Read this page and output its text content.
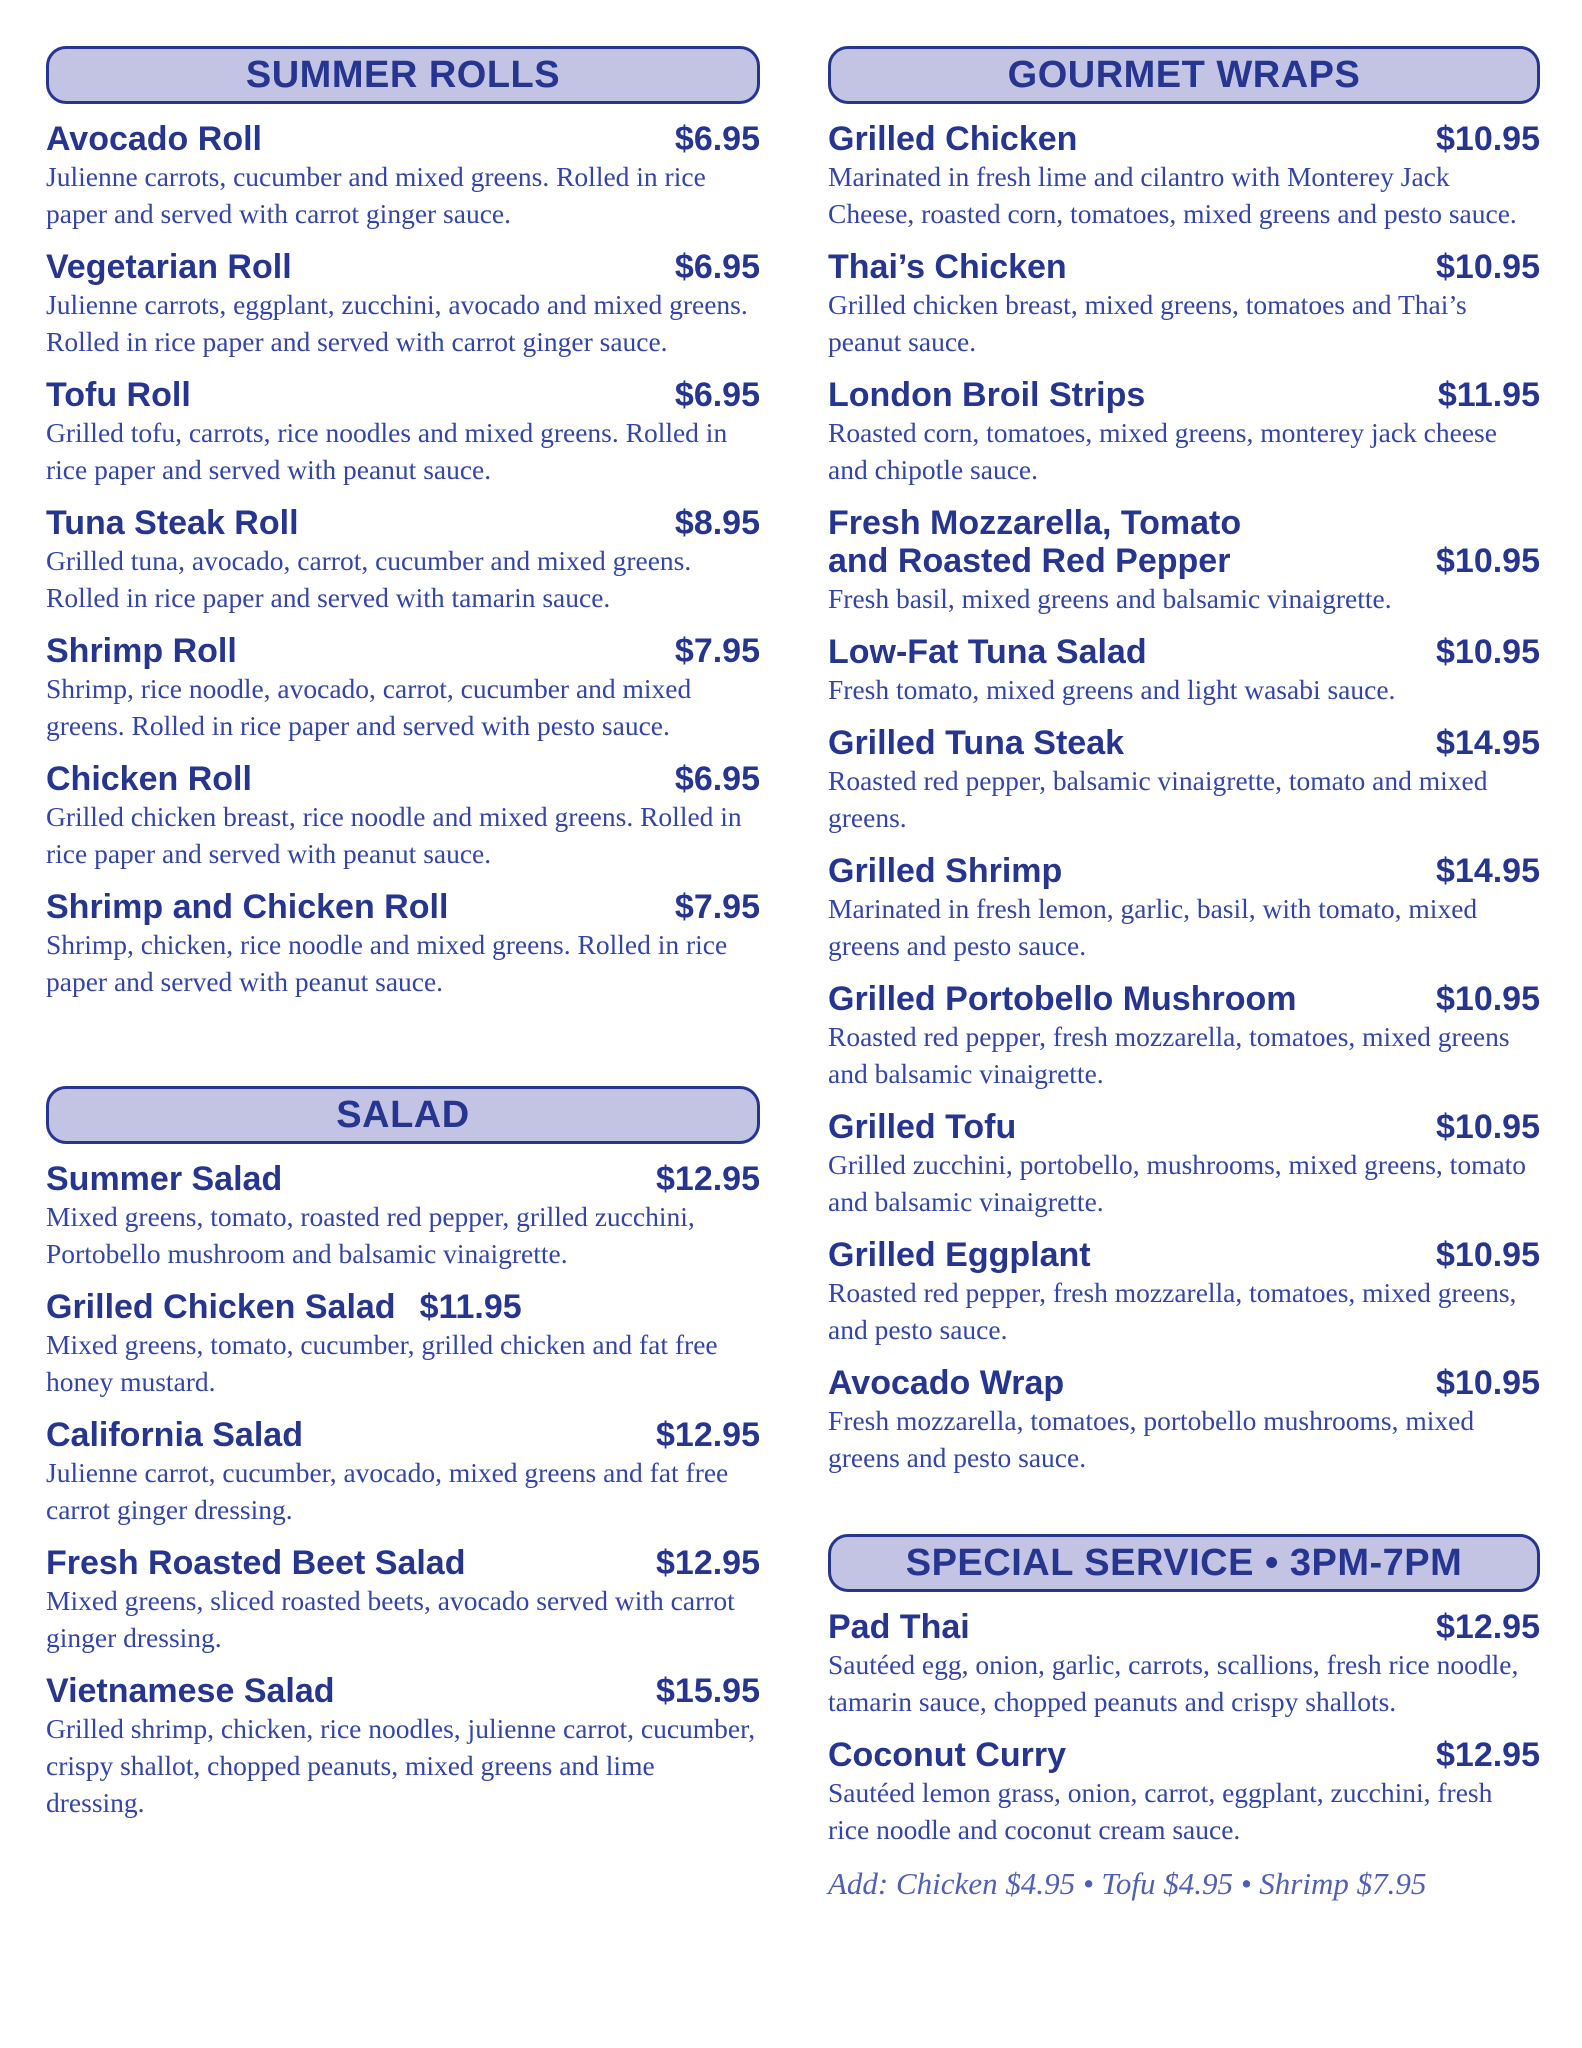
SUMMER ROLLS
Avocado Roll	$6.95
Julienne carrots, cucumber and mixed greens. Rolled in rice paper and served with carrot ginger sauce.
Vegetarian Roll	$6.95
Julienne carrots, eggplant, zucchini, avocado and mixed greens. Rolled in rice paper and served with carrot ginger sauce.
Tofu Roll	$6.95
Grilled tofu, carrots, rice noodles and mixed greens. Rolled in rice paper and served with peanut sauce.
Tuna Steak Roll	$8.95
Grilled tuna, avocado, carrot, cucumber and mixed greens. Rolled in rice paper and served with tamarin sauce.
Shrimp Roll	$7.95
Shrimp, rice noodle, avocado, carrot, cucumber and mixed greens. Rolled in rice paper and served with pesto sauce.
Chicken Roll	$6.95
Grilled chicken breast, rice noodle and mixed greens. Rolled in rice paper and served with peanut sauce.
Shrimp and Chicken Roll	$7.95
Shrimp, chicken, rice noodle and mixed greens. Rolled in rice paper and served with peanut sauce.
SALAD
Summer Salad	$12.95
Mixed greens, tomato, roasted red pepper, grilled zucchini, Portobello mushroom and balsamic vinaigrette.
Grilled Chicken Salad $11.95
Mixed greens, tomato, cucumber, grilled chicken and fat free honey mustard.
California Salad	$12.95
Julienne carrot, cucumber, avocado, mixed greens and fat free carrot ginger dressing.
Fresh Roasted Beet Salad	$12.95
Mixed greens, sliced roasted beets, avocado served with carrot ginger dressing.
Vietnamese Salad	$15.95
Grilled shrimp, chicken, rice noodles, julienne carrot, cucumber, crispy shallot, chopped peanuts, mixed greens and lime dressing.
GOURMET WRAPS
Grilled Chicken	$10.95
Marinated in fresh lime and cilantro with Monterey Jack Cheese, roasted corn, tomatoes, mixed greens and pesto sauce.
Thai’s Chicken	$10.95
Grilled chicken breast, mixed greens, tomatoes and Thai’s peanut sauce.
London Broil Strips	$11.95
Roasted corn, tomatoes, mixed greens, monterey jack cheese and chipotle sauce.
Fresh Mozzarella, Tomato and Roasted Red Pepper	$10.95
Fresh basil, mixed greens and balsamic vinaigrette.
Low-Fat Tuna Salad	$10.95
Fresh tomato, mixed greens and light wasabi sauce.
Grilled Tuna Steak	$14.95
Roasted red pepper, balsamic vinaigrette, tomato and mixed greens.
Grilled Shrimp	$14.95
Marinated in fresh lemon, garlic, basil, with tomato, mixed greens and pesto sauce.
Grilled Portobello Mushroom	$10.95
Roasted red pepper, fresh mozzarella, tomatoes, mixed greens and balsamic vinaigrette.
Grilled Tofu	$10.95
Grilled zucchini, portobello, mushrooms, mixed greens, tomato and balsamic vinaigrette.
Grilled Eggplant	$10.95
Roasted red pepper, fresh mozzarella, tomatoes, mixed greens, and pesto sauce.
Avocado Wrap	$10.95
Fresh mozzarella, tomatoes, portobello mushrooms, mixed greens and pesto sauce.
SPECIAL SERVICE • 3PM-7PM
Pad Thai	$12.95
Sautéed egg, onion, garlic, carrots, scallions, fresh rice noodle, tamarin sauce, chopped peanuts and crispy shallots.
Coconut Curry	$12.95
Sautéed lemon grass, onion, carrot, eggplant, zucchini, fresh rice noodle and coconut cream sauce.
Add: Chicken $4.95 • Tofu $4.95 • Shrimp $7.95
